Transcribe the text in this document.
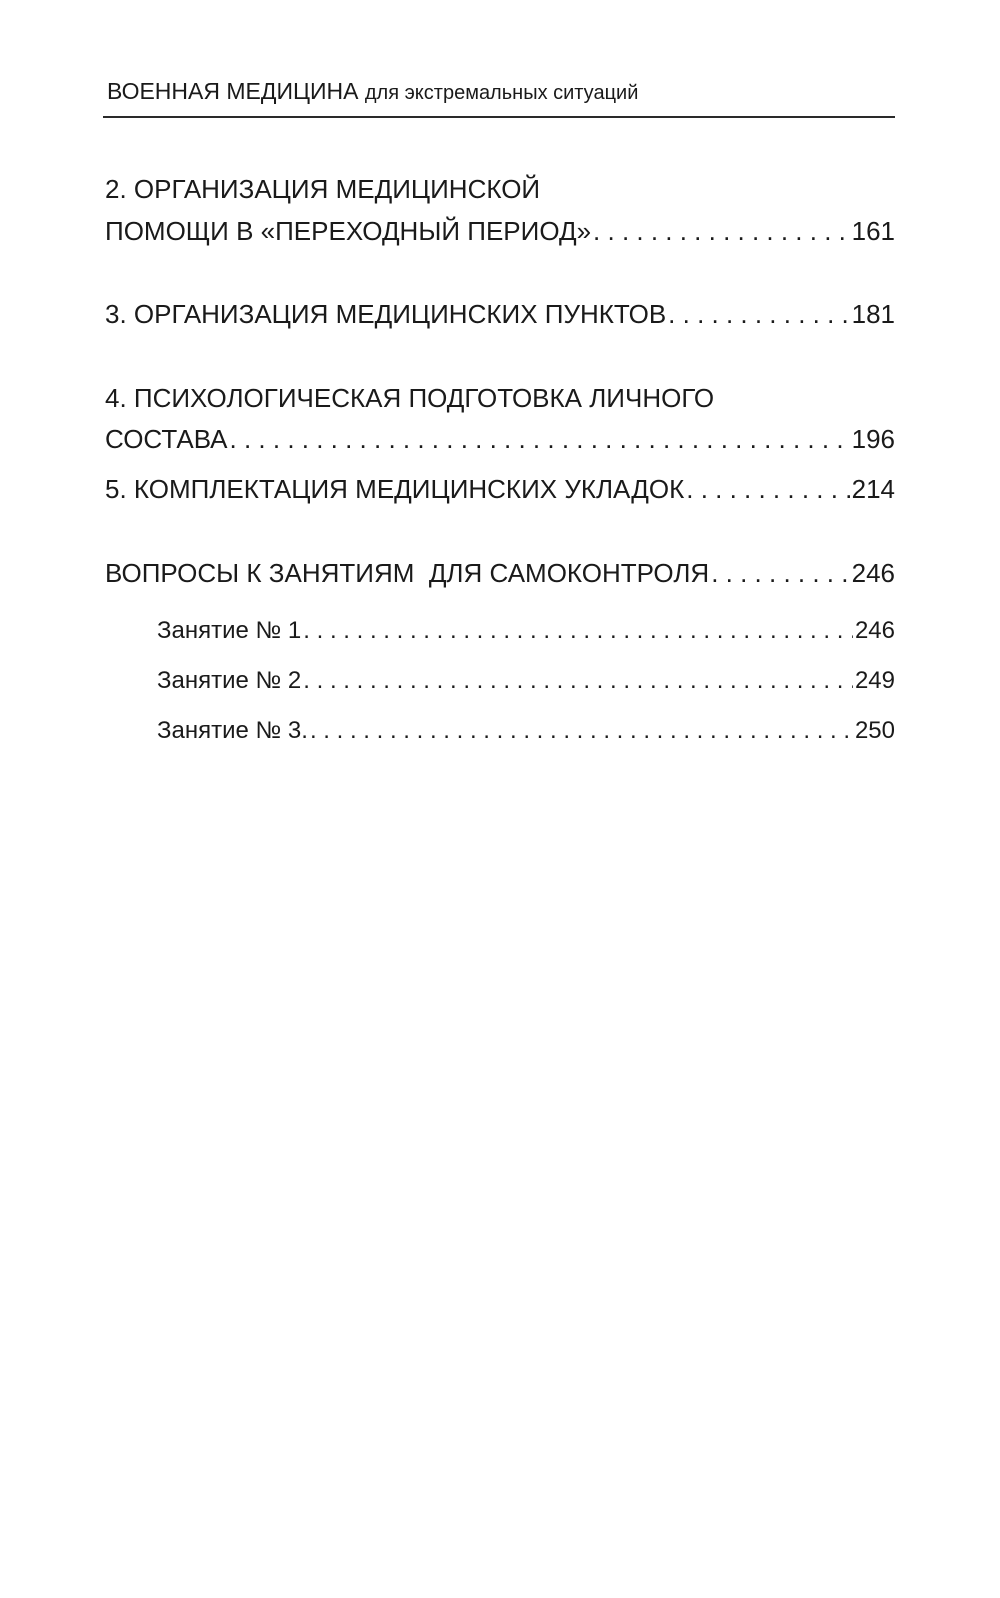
ВОЕННАЯ МЕДИЦИНА для экстремальных ситуаций
2. ОРГАНИЗАЦИЯ МЕДИЦИНСКОЙ
ПОМОЩИ В «ПЕРЕХОДНЫЙ ПЕРИОД» . . .	161
3. ОРГАНИЗАЦИЯ МЕДИЦИНСКИХ ПУНКТОВ . . .	181
4. ПСИХОЛОГИЧЕСКАЯ ПОДГОТОВКА ЛИЧНОГО
СОСТАВА . . .	196
5. КОМПЛЕКТАЦИЯ МЕДИЦИНСКИХ УКЛАДОК . . .	214
ВОПРОСЫ К ЗАНЯТИЯМ  ДЛЯ САМОКОНТРОЛЯ . . .	246
Занятие № 1 . . .	246
Занятие № 2 . . .	249
Занятие № 3. . . .	250
